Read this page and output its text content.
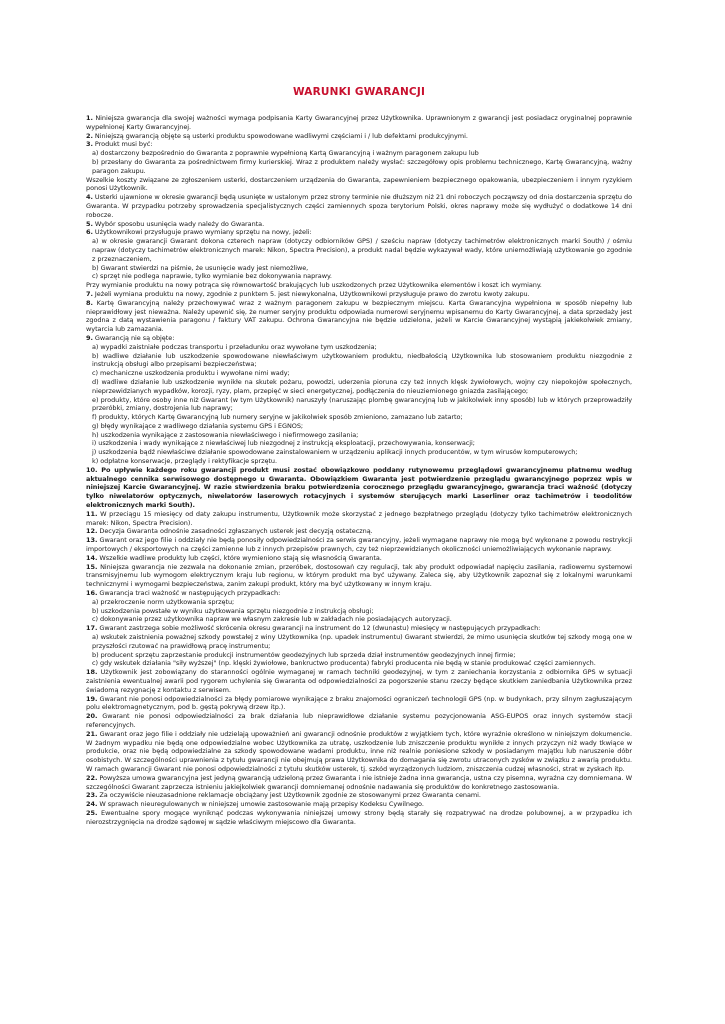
WARUNKI GWARANCJI
1. Niniejsza gwarancja dla swojej ważności wymaga podpisania Karty Gwarancyjnej przez Użytkownika. Uprawnionym z gwarancji jest posiadacz oryginalnej poprawnie wypełnionej Karty Gwarancyjnej.
2. Niniejszą gwarancją objęte są usterki produktu spowodowane wadliwymi częściami i / lub defektami produkcyjnymi.
3. Produkt musi być:
a) dostarczony bezpośrednio do Gwaranta z poprawnie wypełnioną Kartą Gwarancyjną i ważnym paragonem zakupu lub
b) przesłany do Gwaranta za pośrednictwem firmy kurierskiej. Wraz z produktem należy wysłać: szczegółowy opis problemu technicznego, Kartę Gwarancyjną, ważny paragon zakupu.
Wszelkie koszty związane ze zgłoszeniem usterki, dostarczeniem urządzenia do Gwaranta, zapewnieniem bezpiecznego opakowania, ubezpieczeniem i innym ryzykiem ponosi Użytkownik.
4. Usterki ujawnione w okresie gwarancji będą usunięte w ustalonym przez strony terminie nie dłuższym niż 21 dni roboczych począwszy od dnia dostarczenia sprzętu do Gwaranta. W przypadku potrzeby sprowadzenia specjalistycznych części zamiennych spoza terytorium Polski, okres naprawy może się wydłużyć o dodatkowe 14 dni robocze.
5. Wybór sposobu usunięcia wady należy do Gwaranta.
6. Użytkownikowi przysługuje prawo wymiany sprzętu na nowy, jeżeli:
a) w okresie gwarancji Gwarant dokona czterech napraw (dotyczy odbiorników GPS) / sześciu napraw (dotyczy tachimetrów elektronicznych marki South) / ośmiu napraw (dotyczy tachimetrów elektronicznych marek: Nikon, Spectra Precision), a produkt nadal będzie wykazywał wady, które uniemożliwiają użytkowanie go zgodnie z przeznaczeniem,
b) Gwarant stwierdzi na piśmie, że usunięcie wady jest niemożliwe,
c) sprzęt nie podlega naprawie, tylko wymianie bez dokonywania naprawy.
Przy wymianie produktu na nowy potrąca się równowartość brakujących lub uszkodzonych przez Użytkownika elementów i koszt ich wymiany.
7. Jeżeli wymiana produktu na nowy, zgodnie z punktem 5. jest niewykonalna, Użytkownikowi przysługuje prawo do zwrotu kwoty zakupu.
8. Kartę Gwarancyjną należy przechowywać wraz z ważnym paragonem zakupu w bezpiecznym miejscu. Karta Gwarancyjna wypełniona w sposób niepełny lub nieprawidłowy jest nieważna. Należy upewnić się, że numer seryjny produktu odpowiada numerowi seryjnemu wpisanemu do Karty Gwarancyjnej, a data sprzedaży jest zgodna z datą wystawienia paragonu / faktury VAT zakupu. Ochrona Gwarancyjna nie będzie udzielona, jeżeli w Karcie Gwarancyjnej wystąpią jakiekolwiek zmiany, wytarcia lub zamazania.
9. Gwarancją nie są objęte:
a) wypadki zaistniałe podczas transportu i przeładunku oraz wywołane tym uszkodzenia;
b) wadliwe działanie lub uszkodzenie spowodowane niewłaściwym użytkowaniem produktu, niedbałością Użytkownika lub stosowaniem produktu niezgodnie z instrukcją obsługi albo przepisami bezpieczeństwa;
c) mechaniczne uszkodzenia produktu i wywołane nimi wady;
d) wadliwe działanie lub uszkodzenie wynikłe na skutek pożaru, powodzi, uderzenia pioruna czy też innych klęsk żywiołowych, wojny czy niepokojów społecznych, nieprzewidzianych wypadków, korozji, ryzy, plam, przepięć w sieci energetycznej, podłączenia do nieuziemionego gniazda zasilającego;
e) produkty, które osoby inne niż Gwarant (w tym Użytkownik) naruszyły (naruszając plombę gwarancyjną lub w jakikolwiek inny sposób) lub w których przeprowadziły przeróbki, zmiany, dostrojenia lub naprawy;
f) produkty, których Kartę Gwarancyjną lub numery seryjne w jakikolwiek sposób zmieniono, zamazano lub zatarto;
g) błędy wynikające z wadliwego działania systemu GPS i EGNOS;
h) uszkodzenia wynikające z zastosowania niewłaściwego i niefirmowego zasilania;
i) uszkodzenia i wady wynikające z niewłaściwej lub niezgodnej z instrukcją eksploatacji, przechowywania, konserwacji;
j) uszkodzenia bądź niewłaściwe działanie spowodowane zainstalowaniem w urządzeniu aplikacji innych producentów, w tym wirusów komputerowych;
k) odpłatne konserwacje, przeglądy i rektyfikacje sprzętu.
10. Po upływie każdego roku gwarancji produkt musi zostać obowiązkowo poddany rutynowemu przeglądowi gwarancyjnemu płatnemu według aktualnego cennika serwisowego dostępnego u Gwaranta. Obowiązkiem Gwaranta jest potwierdzenie przeglądu gwarancyjnego poprzez wpis w niniejszej Karcie Gwarancyjnej. W razie stwierdzenia braku potwierdzenia corocznego przeglądu gwarancyjnego, gwarancja traci ważność (dotyczy tylko niwelatorów optycznych, niwelatorów laserowych rotacyjnych i systemów sterujących marki Laserliner oraz tachimetrów i teodolitów elektronicznych marki South).
11. W przeciągu 15 miesięcy od daty zakupu instrumentu, Użytkownik może skorzystać z jednego bezpłatnego przeglądu (dotyczy tylko tachimetrów elektronicznych marek: Nikon, Spectra Precision).
12. Decyzja Gwaranta odnośnie zasadności zgłaszanych usterek jest decyzją ostateczną.
13. Gwarant oraz jego filie i oddziały nie będą ponosiły odpowiedzialności za serwis gwarancyjny, jeżeli wymagane naprawy nie mogą być wykonane z powodu restrykcji importowych / eksportowych na części zamienne lub z innych przepisów prawnych, czy też nieprzewidzianych okoliczności uniemożliwiających wykonanie naprawy.
14. Wszelkie wadliwe produkty lub części, które wymieniono stają się własnością Gwaranta.
15. Niniejsza gwarancja nie zezwala na dokonanie zmian, przeróbek, dostosowań czy regulacji, tak aby produkt odpowiadał napięciu zasilania, radiowemu systemowi transmisyjnemu lub wymogom elektrycznym kraju lub regionu, w którym produkt ma być używany. Zaleca się, aby Użytkownik zapoznał się z lokalnymi warunkami technicznymi i wymogami bezpieczeństwa, zanim zakupi produkt, który ma być użytkowany w innym kraju.
16. Gwarancja traci ważność w następujących przypadkach:
a) przekroczenie norm użytkowania sprzętu;
b) uszkodzenia powstałe w wyniku użytkowania sprzętu niezgodnie z instrukcją obsługi;
c) dokonywanie przez użytkownika napraw we własnym zakresie lub w zakładach nie posiadających autoryzacji.
17. Gwarant zastrzega sobie możliwość skrócenia okresu gwarancji na instrument do 12 (dwunastu) miesięcy w następujących przypadkach:
a) wskutek zaistnienia poważnej szkody powstałej z winy Użytkownika (np. upadek instrumentu) Gwarant stwierdzi, że mimo usunięcia skutków tej szkody mogą one w przyszłości rzutować na prawidłową pracę instrumentu;
b) producent sprzętu zaprzestanie produkcji instrumentów geodezyjnych lub sprzeda dział instrumentów geodezyjnych innej firmie;
c) gdy wskutek działania "siły wyższej" (np. klęski żywiołowe, bankructwo producenta) fabryki producenta nie będą w stanie produkować części zamiennych.
18. Użytkownik jest zobowiązany do staranności ogólnie wymaganej w ramach techniki geodezyjnej, w tym z zaniechania korzystania z odbiornika GPS w sytuacji zaistnienia ewentualnej awarii pod rygorem uchylenia się Gwaranta od odpowiedzialności za pogorszenie stanu rzeczy będące skutkiem zaniedbania Użytkownika przez świadomą rezygnację z kontaktu z serwisem.
19. Gwarant nie ponosi odpowiedzialności za błędy pomiarowe wynikające z braku znajomości ograniczeń technologii GPS (np. w budynkach, przy silnym zagłuszającym polu elektromagnetycznym, pod b. gęstą pokrywą drzew itp.).
20. Gwarant nie ponosi odpowiedzialności za brak działania lub nieprawidłowe działanie systemu pozycjonowania ASG-EUPOS oraz innych systemów stacji referencyjnych.
21. Gwarant oraz jego filie i oddziały nie udzielają upoważnień ani gwarancji odnośnie produktów z wyjątkiem tych, które wyraźnie określono w niniejszym dokumencie. W żadnym wypadku nie będą one odpowiedzialne wobec Użytkownika za utratę, uszkodzenie lub zniszczenie produktu wynikłe z innych przyczyn niż wady tkwiące w produkcie, oraz nie będą odpowiedzialne za szkody spowodowane wadami produktu, inne niż realnie poniesione szkody w posiadanym majątku lub naruszenie dóbr osobistych. W szczególności uprawnienia z tytułu gwarancji nie obejmują prawa Użytkownika do domagania się zwrotu utraconych zysków w związku z awarią produktu. W ramach gwarancji Gwarant nie ponosi odpowiedzialności z tytułu skutków usterek, tj. szkód wyrządzonych ludziom, zniszczenia cudzej własności, strat w zyskach itp.
22. Powyższa umowa gwarancyjna jest jedyną gwarancją udzieloną przez Gwaranta i nie istnieje żadna inna gwarancja, ustna czy pisemna, wyraźna czy domniemana. W szczególności Gwarant zaprzecza istnieniu jakiejkolwiek gwarancji domniemanej odnośnie nadawania się produktów do konkretnego zastosowania.
23. Za oczywiście nieuzasadnione reklamacje obciążany jest Użytkownik zgodnie ze stosowanymi przez Gwaranta cenami.
24. W sprawach nieuregulowanych w niniejszej umowie zastosowanie mają przepisy Kodeksu Cywilnego.
25. Ewentualne spory mogące wyniknąć podczas wykonywania niniejszej umowy strony będą starały się rozpatrywać na drodze polubownej, a w przypadku ich nierozstrzygnięcia na drodze sądowej w sądzie właściwym miejscowo dla Gwaranta.
